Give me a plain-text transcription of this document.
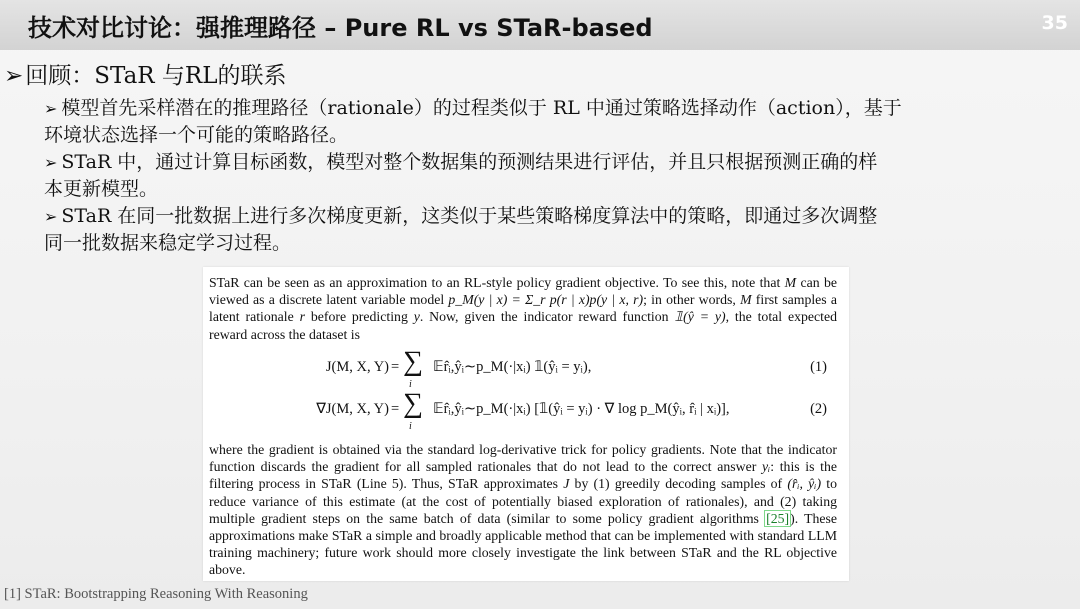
技术对比讨论：强推理路径 – Pure RL vs STaR-based	35
➢回顾：STaR 与RL的联系
➢ 模型首先采样潜在的推理路径（rationale）的过程类似于 RL 中通过策略选择动作（action），基于
环境状态选择一个可能的策略路径。
➢ STaR 中，通过计算目标函数，模型对整个数据集的预测结果进行评估，并且只根据预测正确的样
本更新模型。
➢ STaR 在同一批数据上进行多次梯度更新，这类似于某些策略梯度算法中的策略，即通过多次调整
同一批数据来稳定学习过程。
STaR can be seen as an approximation to an RL-style policy gradient objective. To see this, note that M can be viewed as a discrete latent variable model p_M(y | x) = Σ_r p(r | x)p(y | x, r); in other words, M first samples a latent rationale r before predicting y. Now, given the indicator reward function 𝟙(ŷ = y), the total expected reward across the dataset is
J(M, X, Y) = ∑
i
𝔼r̂ᵢ,ŷᵢ∼p_M(·|xᵢ) 𝟙(ŷᵢ = yᵢ),	(1)
∇J(M, X, Y) = ∑
i
𝔼r̂ᵢ,ŷᵢ∼p_M(·|xᵢ) [𝟙(ŷᵢ = yᵢ) · ∇ log p_M(ŷᵢ, r̂ᵢ | xᵢ)],	(2)
where the gradient is obtained via the standard log-derivative trick for policy gradients. Note that the indicator function discards the gradient for all sampled rationales that do not lead to the correct answer yᵢ: this is the filtering process in STaR (Line 5). Thus, STaR approximates J by (1) greedily decoding samples of (r̂ᵢ, ŷᵢ) to reduce variance of this estimate (at the cost of potentially biased exploration of rationales), and (2) taking multiple gradient steps on the same batch of data (similar to some policy gradient algorithms [25]). These approximations make STaR a simple and broadly applicable method that can be implemented with standard LLM training machinery; future work should more closely investigate the link between STaR and the RL objective above.
[1] STaR: Bootstrapping Reasoning With Reasoning
